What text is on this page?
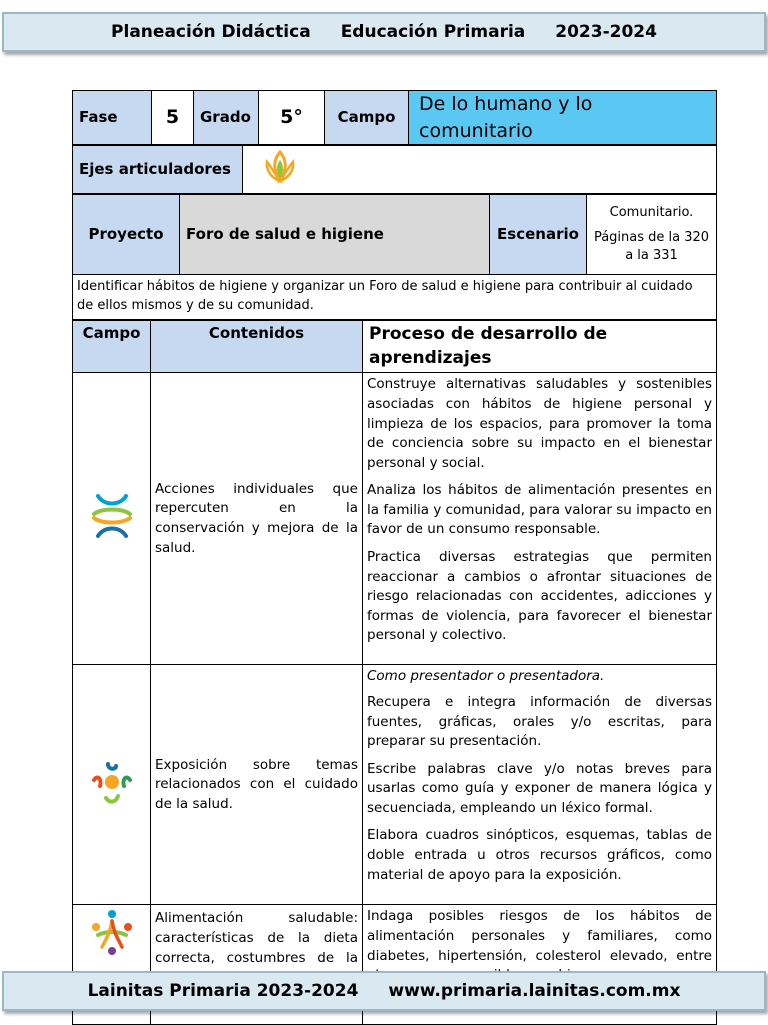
Planeación Didáctica Educación Primaria 2023-2024
Fase	5	Grado	5°	Campo	De lo humano y lo comunitario
Ejes articuladores	
Proyecto	Foro de salud e higiene	Escenario	
Comunitario.
Páginas de la 320 a la 331

Identificar hábitos de higiene y organizar un Foro de salud e higiene para contribuir al cuidado de ellos mismos y de su comunidad.
Campo	Contenidos	Proceso de desarrollo de aprendizajes
	Acciones individuales que repercuten en la conservación y mejora de la salud.	Construye alternativas saludables y sostenibles asociadas con hábitos de higiene personal y limpieza de los espacios, para promover la toma de conciencia sobre su impacto en el bienestar personal y social.

Analiza los hábitos de alimentación presentes en la familia y comunidad, para valorar su impacto en favor de un consumo responsable.

Practica diversas estrategias que permiten reaccionar a cambios o afrontar situaciones de riesgo relacionadas con accidentes, adicciones y formas de violencia, para favorecer el bienestar personal y colectivo.

	Exposición sobre temas relacionados con el cuidado de la salud.	Como presentador o presentadora.

Recupera e integra información de diversas fuentes, gráficas, orales y/o escritas, para preparar su presentación.

Escribe palabras clave y/o notas breves para usarlas como guía y exponer de manera lógica y secuenciada, empleando un léxico formal.

Elabora cuadros sinópticos, esquemas, tablas de doble entrada u otros recursos gráficos, como material de apoyo para la exposición.

	Alimentación saludable: características de la dieta correcta, costumbres de la	Indaga posibles riesgos de los hábitos de alimentación personales y familiares, como diabetes, hipertensión, colesterol elevado, entre

Lainitas Primaria 2023-2024 www.primaria.lainitas.com.mx
